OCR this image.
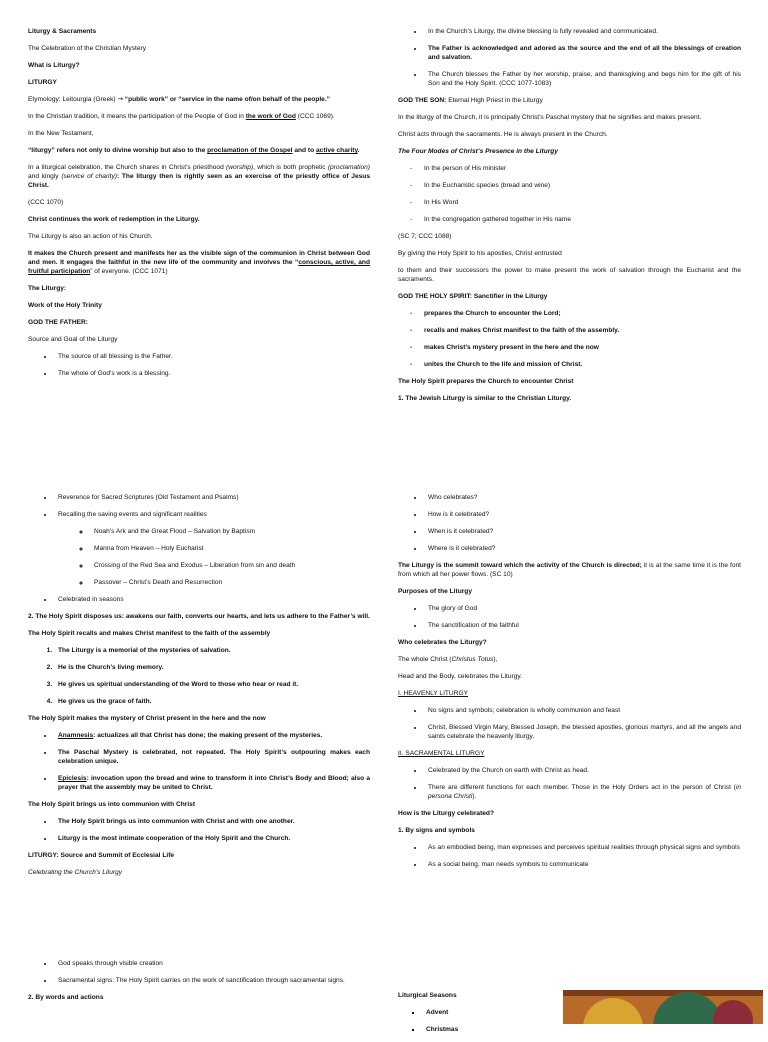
Liturgy & Sacraments

The Celebration of the Christian Mystery

What is Liturgy?

LITURGY

Etymology: Leitourgia (Greek) → “public work” or “service in the name of/on behalf of the people.”

In the Christian tradition, it means the participation of the People of God in the work of God (CCC 1069).

In the New Testament,

“liturgy” refers not only to divine worship but also to the proclamation of the Gospel and to active charity.

In a liturgical celebration, the Church shares in Christ’s priesthood (worship), which is both prophetic (proclamation) and kingly (service of charity): The liturgy then is rightly seen as an exercise of the priestly office of Jesus Christ.

(CCC 1070)

Christ continues the work of redemption in the Liturgy.

The Liturgy is also an action of his Church.

It makes the Church present and manifests her as the visible sign of the communion in Christ between God and men. It engages the faithful in the new life of the community and involves the “conscious, active, and fruitful participation” of everyone. (CCC 1071)

The Liturgy:

Work of the Holy Trinity

GOD THE FATHER:

Source and Goal of the Liturgy

• The source of all blessing is the Father.
• The whole of God’s work is a blessing.
• In the Church’s Liturgy, the divine blessing is fully revealed and communicated.
• The Father is acknowledged and adored as the source and the end of all the blessings of creation and salvation.
• The Church blesses the Father by her worship, praise, and thanksgiving and begs him for the gift of his Son and the Holy Spirit. (CCC 1077-1083)

GOD THE SON: Eternal High Priest in the Liturgy

In the liturgy of the Church, it is principally Christ’s Paschal mystery that he signifies and makes present.

Christ acts through the sacraments. He is always present in the Church.

The Four Modes of Christ’s Presence in the Liturgy

- In the person of His minister
- In the Eucharistic species (bread and wine)
- In His Word
- In the congregation gathered together in His name

(SC 7; CCC 1088)

By giving the Holy Spirit to his apostles, Christ entrusted

to them and their successors the power to make present the work of salvation through the Eucharist and the sacraments.

GOD THE HOLY SPIRIT: Sanctifier in the Liturgy

- prepares the Church to encounter the Lord;
- recalls and makes Christ manifest to the faith of the assembly.
- makes Christ’s mystery present in the here and the now
- unites the Church to the life and mission of Christ.

The Holy Spirit prepares the Church to encounter Christ

1. The Jewish Liturgy is similar to the Christian Liturgy.

• Reverence for Sacred Scriptures (Old Testament and Psalms)
• Recalling the saving events and significant realities
◦ Noah’s Ark and the Great Flood – Salvation by Baptism
◦ Manna from Heaven – Holy Eucharist
◦ Crossing of the Red Sea and Exodus – Liberation from sin and death
◦ Passover – Christ’s Death and Resurrection
• Celebrated in seasons

2. The Holy Spirit disposes us: awakens our faith, converts our hearts, and lets us adhere to the Father’s will.

The Holy Spirit recalls and makes Christ manifest to the faith of the assembly

1. The Liturgy is a memorial of the mysteries of salvation.
2. He is the Church’s living memory.
3. He gives us spiritual understanding of the Word to those who hear or read it.
4. He gives us the grace of faith.

The Holy Spirit makes the mystery of Christ present in the here and the now

• Anamnesis: actualizes all that Christ has done; the making present of the mysteries.
• The Paschal Mystery is celebrated, not repeated. The Holy Spirit’s outpouring makes each celebration unique.
• Epiclesis: invocation upon the bread and wine to transform it into Christ’s Body and Blood; also a prayer that the assembly may be united to Christ.

The Holy Spirit brings us into communion with Christ

• The Holy Spirit brings us into communion with Christ and with one another.
• Liturgy is the most intimate cooperation of the Holy Spirit and the Church.

LITURGY: Source and Summit of Ecclesial Life

Celebrating the Church’s Liturgy

• Who celebrates?
• How is it celebrated?
• When is it celebrated?
• Where is it celebrated?

The Liturgy is the summit toward which the activity of the Church is directed; it is at the same time it is the font from which all her power flows. (SC 10)

Purposes of the Liturgy

• The glory of God
• The sanctification of the faithful

Who celebrates the Liturgy?

The whole Christ (Christus Totus),

Head and the Body, celebrates the Liturgy.

I. HEAVENLY LITURGY

• No signs and symbols; celebration is wholly communion and feast
• Christ, Blessed Virgin Mary, Blessed Joseph, the blessed apostles, glorious martyrs, and all the angels and saints celebrate the heavenly liturgy.

II. SACRAMENTAL LITURGY

• Celebrated by the Church on earth with Christ as head.
• There are different functions for each member. Those in the Holy Orders act in the person of Christ (in persona Christi).

How is the Liturgy celebrated?

1. By signs and symbols

• As an embodied being, man expresses and perceives spiritual realities through physical signs and symbols
• As a social being, man needs symbols to communicate
• God speaks through visible creation
• Sacramental signs: The Holy Spirit carries on the work of sanctification through sacramental signs.

2. By words and actions	Liturgical Seasons

▪ Advent
▪ Christmas
